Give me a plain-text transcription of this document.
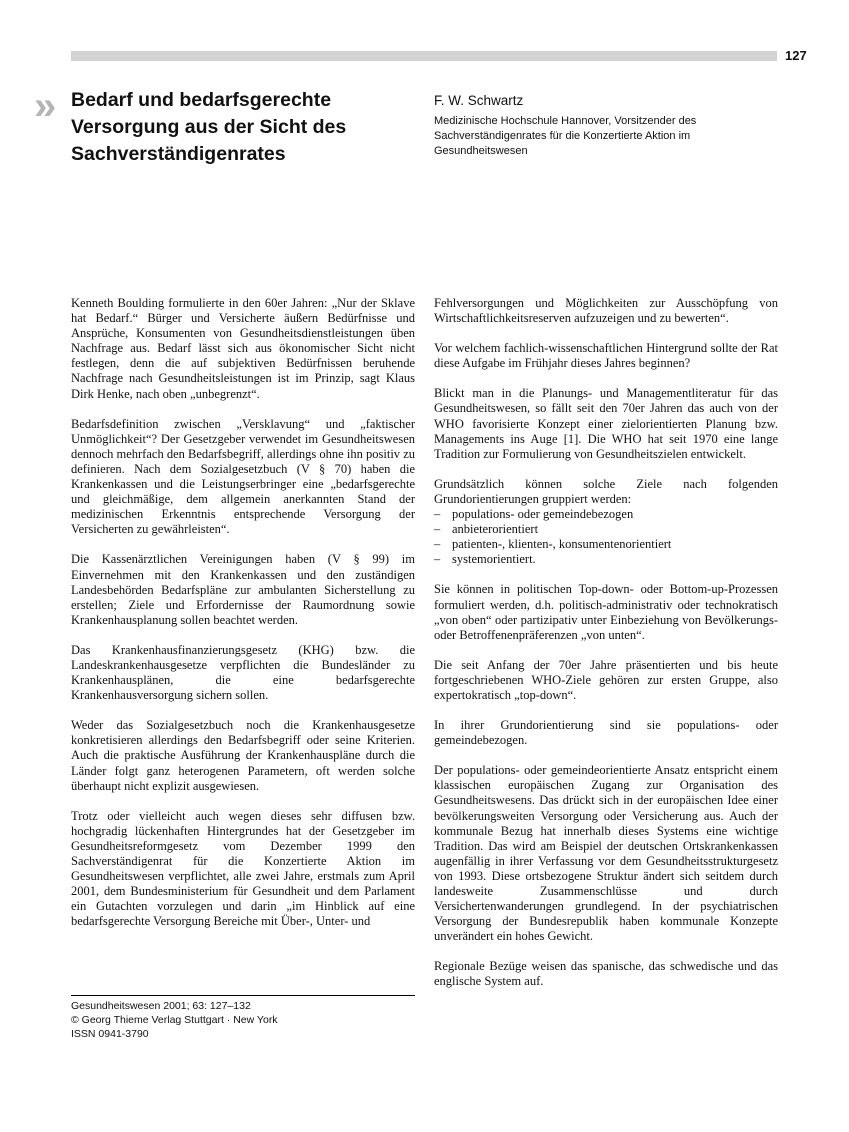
127
» Bedarf und bedarfsgerechte Versorgung aus der Sicht des Sachverständigenrates
F. W. Schwartz
Medizinische Hochschule Hannover, Vorsitzender des Sachverständigenrates für die Konzertierte Aktion im Gesundheitswesen

Kenneth Boulding formulierte in den 60er Jahren: „Nur der Sklave hat Bedarf.“ Bürger und Versicherte äußern Bedürfnisse und Ansprüche, Konsumenten von Gesundheitsdienstleistungen üben Nachfrage aus. Bedarf lässt sich aus ökonomischer Sicht nicht festlegen, denn die auf subjektiven Bedürfnissen beruhende Nachfrage nach Gesundheitsleistungen ist im Prinzip, sagt Klaus Dirk Henke, nach oben „unbegrenzt“.

Bedarfsdefinition zwischen „Versklavung“ und „faktischer Unmöglichkeit“? Der Gesetzgeber verwendet im Gesundheitswesen dennoch mehrfach den Bedarfsbegriff, allerdings ohne ihn positiv zu definieren. Nach dem Sozialgesetzbuch (V § 70) haben die Krankenkassen und die Leistungserbringer eine „bedarfsgerechte und gleichmäßige, dem allgemein anerkannten Stand der medizinischen Erkenntnis entsprechende Versorgung der Versicherten zu gewährleisten“.

Die Kassenärztlichen Vereinigungen haben (V § 99) im Einvernehmen mit den Krankenkassen und den zuständigen Landesbehörden Bedarfspläne zur ambulanten Sicherstellung zu erstellen; Ziele und Erfordernisse der Raumordnung sowie Krankenhausplanung sollen beachtet werden.

Das Krankenhausfinanzierungsgesetz (KHG) bzw. die Landeskrankenhausgesetze verpflichten die Bundesländer zu Krankenhausplänen, die eine bedarfsgerechte Krankenhausversorgung sichern sollen.

Weder das Sozialgesetzbuch noch die Krankenhausgesetze konkretisieren allerdings den Bedarfsbegriff oder seine Kriterien. Auch die praktische Ausführung der Krankenhauspläne durch die Länder folgt ganz heterogenen Parametern, oft werden solche überhaupt nicht explizit ausgewiesen.

Trotz oder vielleicht auch wegen dieses sehr diffusen bzw. hochgradig lückenhaften Hintergrundes hat der Gesetzgeber im Gesundheitsreformgesetz vom Dezember 1999 den Sachverständigenrat für die Konzertierte Aktion im Gesundheitswesen verpflichtet, alle zwei Jahre, erstmals zum April 2001, dem Bundesministerium für Gesundheit und dem Parlament ein Gutachten vorzulegen und darin „im Hinblick auf eine bedarfsgerechte Versorgung Bereiche mit Über-, Unter- und

Fehlversorgungen und Möglichkeiten zur Ausschöpfung von Wirtschaftlichkeitsreserven aufzuzeigen und zu bewerten“.

Vor welchem fachlich-wissenschaftlichen Hintergrund sollte der Rat diese Aufgabe im Frühjahr dieses Jahres beginnen?

Blickt man in die Planungs- und Managementliteratur für das Gesundheitswesen, so fällt seit den 70er Jahren das auch von der WHO favorisierte Konzept einer zielorientierten Planung bzw. Managements ins Auge [1]. Die WHO hat seit 1970 eine lange Tradition zur Formulierung von Gesundheitszielen entwickelt.

Grundsätzlich können solche Ziele nach folgenden Grundorientierungen gruppiert werden:

– populations- oder gemeindebezogen
– anbieterorientiert
– patienten-, klienten-, konsumentenorientiert
– systemorientiert.

Sie können in politischen Top-down- oder Bottom-up-Prozessen formuliert werden, d.h. politisch-administrativ oder technokratisch „von oben“ oder partizipativ unter Einbeziehung von Bevölkerungs- oder Betroffenenpräferenzen „von unten“.

Die seit Anfang der 70er Jahre präsentierten und bis heute fortgeschriebenen WHO-Ziele gehören zur ersten Gruppe, also expertokratisch „top-down“.

In ihrer Grundorientierung sind sie populations- oder gemeindebezogen.

Der populations- oder gemeindeorientierte Ansatz entspricht einem klassischen europäischen Zugang zur Organisation des Gesundheitswesens. Das drückt sich in der europäischen Idee einer bevölkerungsweiten Versorgung oder Versicherung aus. Auch der kommunale Bezug hat innerhalb dieses Systems eine wichtige Tradition. Das wird am Beispiel der deutschen Ortskrankenkassen augenfällig in ihrer Verfassung vor dem Gesundheitsstrukturgesetz von 1993. Diese ortsbezogene Struktur ändert sich seitdem durch landesweite Zusammenschlüsse und durch Versichertenwanderungen grundlegend. In der psychiatrischen Versorgung der Bundesrepublik haben kommunale Konzepte unverändert ein hohes Gewicht.

Regionale Bezüge weisen das spanische, das schwedische und das englische System auf.

Gesundheitswesen 2001; 63: 127–132
© Georg Thieme Verlag Stuttgart · New York
ISSN 0941-3790
